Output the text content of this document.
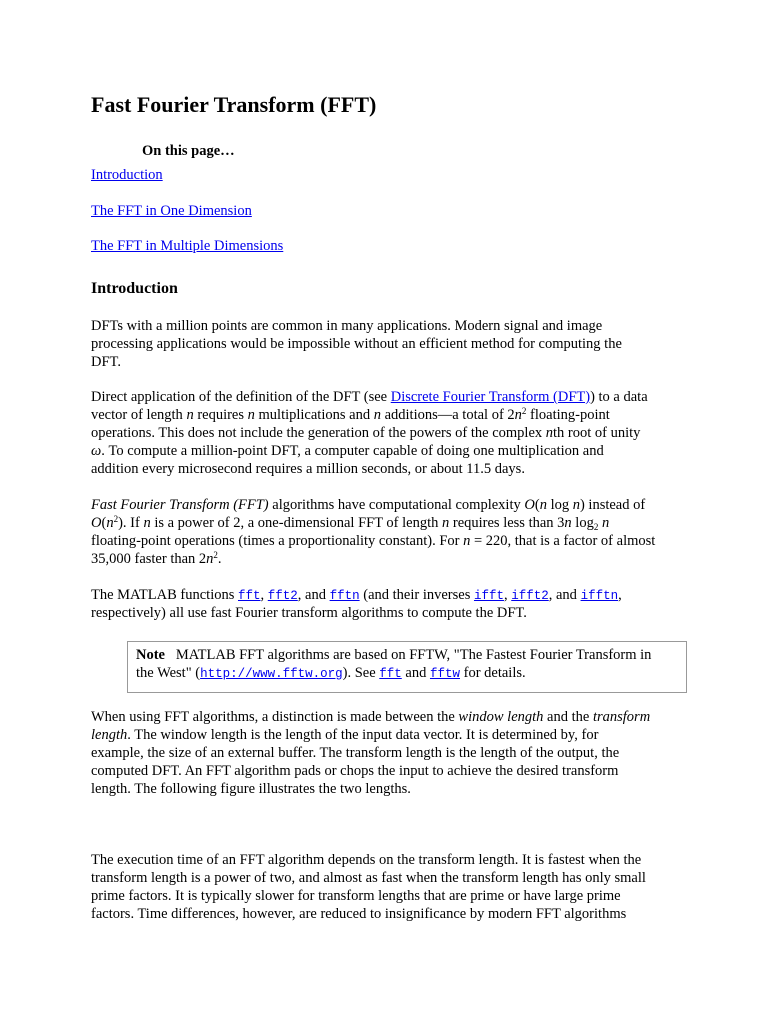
Fast Fourier Transform (FFT)
On this page…
Introduction
The FFT in One Dimension
The FFT in Multiple Dimensions
Introduction
DFTs with a million points are common in many applications. Modern signal and image
processing applications would be impossible without an efficient method for computing the
DFT.
Direct application of the definition of the DFT (see Discrete Fourier Transform (DFT)) to a data
vector of length n requires n multiplications and n additions—a total of $2n^2$ floating-point
operations. This does not include the generation of the powers of the complex nth root of unity
ω. To compute a million-point DFT, a computer capable of doing one multiplication and
addition every microsecond requires a million seconds, or about 11.5 days.
Fast Fourier Transform (FFT) algorithms have computational complexity O(n log n) instead of
$O(n^2)$. If n is a power of 2, a one-dimensional FFT of length n requires less than 3n $\log_2 n$
floating-point operations (times a proportionality constant). For n = 220, that is a factor of almost
35,000 faster than $2n^2$.
The MATLAB functions fft, fft2, and fftn (and their inverses ifft, ifft2, and ifftn,
respectively) all use fast Fourier transform algorithms to compute the DFT.
Note MATLAB FFT algorithms are based on FFTW, "The Fastest Fourier Transform in
the West" (http://www.fftw.org). See fft and fftw for details.
When using FFT algorithms, a distinction is made between the window length and the transform
length. The window length is the length of the input data vector. It is determined by, for
example, the size of an external buffer. The transform length is the length of the output, the
computed DFT. An FFT algorithm pads or chops the input to achieve the desired transform
length. The following figure illustrates the two lengths.
The execution time of an FFT algorithm depends on the transform length. It is fastest when the
transform length is a power of two, and almost as fast when the transform length has only small
prime factors. It is typically slower for transform lengths that are prime or have large prime
factors. Time differences, however, are reduced to insignificance by modern FFT algorithms
